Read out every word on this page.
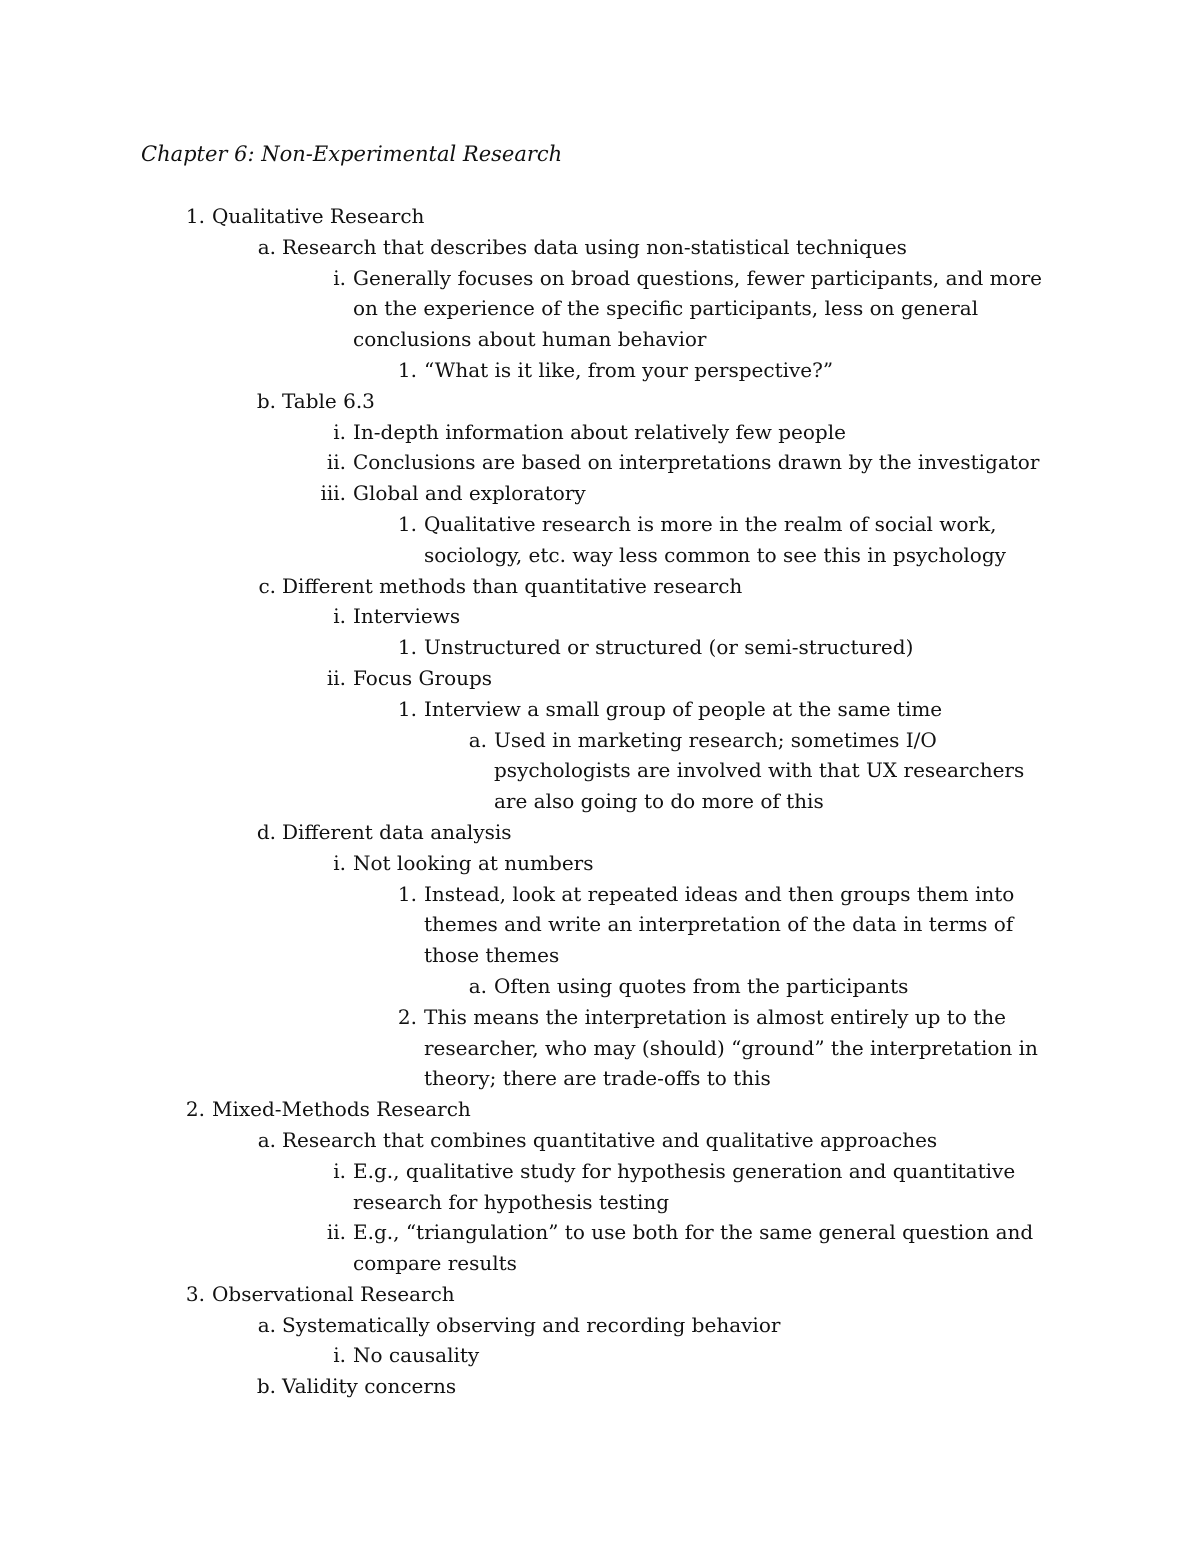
Chapter 6: Non-Experimental Research
1. Qualitative Research
a. Research that describes data using non-statistical techniques
i. Generally focuses on broad questions, fewer participants, and more on the experience of the specific participants, less on general conclusions about human behavior
1. “What is it like, from your perspective?”
b. Table 6.3
i. In-depth information about relatively few people
ii. Conclusions are based on interpretations drawn by the investigator
iii. Global and exploratory
1. Qualitative research is more in the realm of social work, sociology, etc. way less common to see this in psychology
c. Different methods than quantitative research
i. Interviews
1. Unstructured or structured (or semi-structured)
ii. Focus Groups
1. Interview a small group of people at the same time
a. Used in marketing research; sometimes I/O psychologists are involved with that UX researchers are also going to do more of this
d. Different data analysis
i. Not looking at numbers
1. Instead, look at repeated ideas and then groups them into themes and write an interpretation of the data in terms of those themes
a. Often using quotes from the participants
2. This means the interpretation is almost entirely up to the researcher, who may (should) “ground” the interpretation in theory; there are trade-offs to this
2. Mixed-Methods Research
a. Research that combines quantitative and qualitative approaches
i. E.g., qualitative study for hypothesis generation and quantitative research for hypothesis testing
ii. E.g., “triangulation” to use both for the same general question and compare results
3. Observational Research
a. Systematically observing and recording behavior
i. No causality
b. Validity concerns
